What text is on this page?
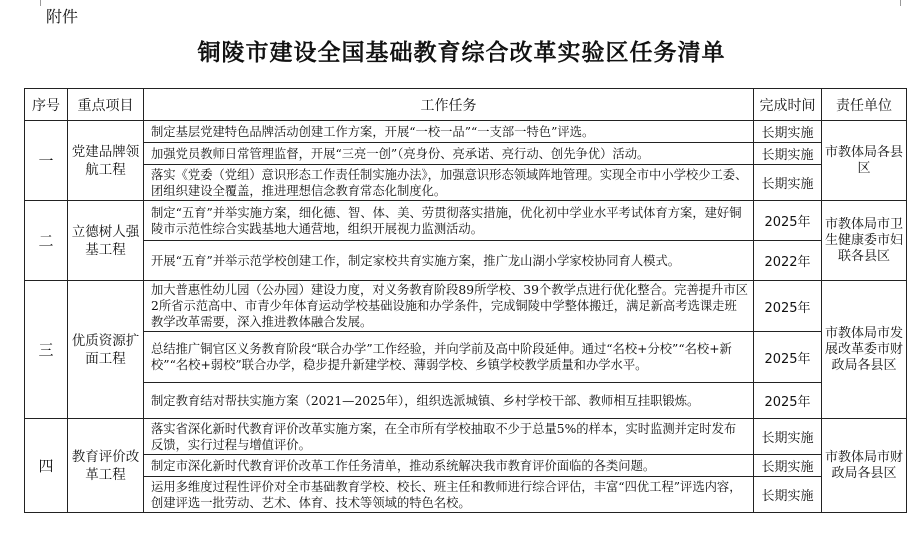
附件
铜陵市建设全国基础教育综合改革实验区任务清单
序号	重点项目	工作任务	完成时间	责任单位
一	党建品牌领航工程	制定基层党建特色品牌活动创建工作方案，开展“一校一品”“一支部一特色”评选。	长期实施	市教体局各县区
		加强党员教师日常管理监督，开展“三亮一创”（亮身份、亮承诺、亮行动、创先争优）活动。	长期实施	
		落实《党委（党组）意识形态工作责任制实施办法》，加强意识形态领域阵地管理。实现全市中小学校少工委、团组织建设全覆盖，推进理想信念教育常态化制度化。	长期实施	
二	立德树人强基工程	制定“五育”并举实施方案，细化德、智、体、美、劳贯彻落实措施，优化初中学业水平考试体育方案，建好铜陵市示范性综合实践基地大通营地，组织开展视力监测活动。	2025年	市教体局市卫生健康委市妇联各县区
		开展“五育”并举示范学校创建工作，制定家校共育实施方案，推广龙山湖小学家校协同育人模式。	2022年	
三	优质资源扩面工程	加大普惠性幼儿园（公办园）建设力度，对义务教育阶段89所学校、39个教学点进行优化整合。完善提升市区2所省示范高中、市青少年体育运动学校基础设施和办学条件，完成铜陵中学整体搬迁，满足新高考选课走班教学改革需要，深入推进教体融合发展。	2025年	市教体局市发展改革委市财政局各县区
		总结推广铜官区义务教育阶段“联合办学”工作经验，并向学前及高中阶段延伸。通过“名校+分校”“名校+新校”“名校+弱校”联合办学，稳步提升新建学校、薄弱学校、乡镇学校教学质量和办学水平。	2025年	
		制定教育结对帮扶实施方案（2021—2025年），组织选派城镇、乡村学校干部、教师相互挂职锻炼。	2025年	
四	教育评价改革工程	落实省深化新时代教育评价改革实施方案，在全市所有学校抽取不少于总量5%的样本，实时监测并定时发布反馈，实行过程与增值评价。	长期实施	市教体局市财政局各县区
		制定市深化新时代教育评价改革工作任务清单，推动系统解决我市教育评价面临的各类问题。	长期实施	
		运用多维度过程性评价对全市基础教育学校、校长、班主任和教师进行综合评估，丰富“四优工程”评选内容，创建评选一批劳动、艺术、体育、技术等领域的特色名校。	长期实施	
